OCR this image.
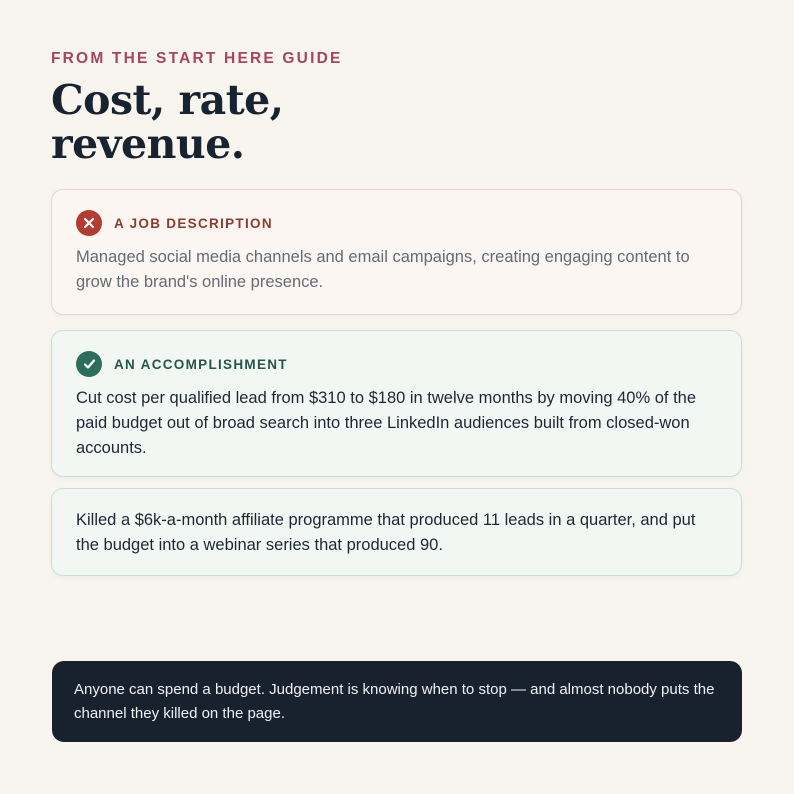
FROM THE START HERE GUIDE
Cost, rate,
revenue.
A JOB DESCRIPTION

Managed social media channels and email campaigns, creating engaging content to grow the brand's online presence.

AN ACCOMPLISHMENT

Cut cost per qualified lead from $310 to $180 in twelve months by moving 40% of the paid budget out of broad search into three LinkedIn audiences built from closed-won accounts.

Killed a $6k-a-month affiliate programme that produced 11 leads in a quarter, and put the budget into a webinar series that produced 90.

Anyone can spend a budget. Judgement is knowing when to stop — and almost nobody puts the channel they killed on the page.
